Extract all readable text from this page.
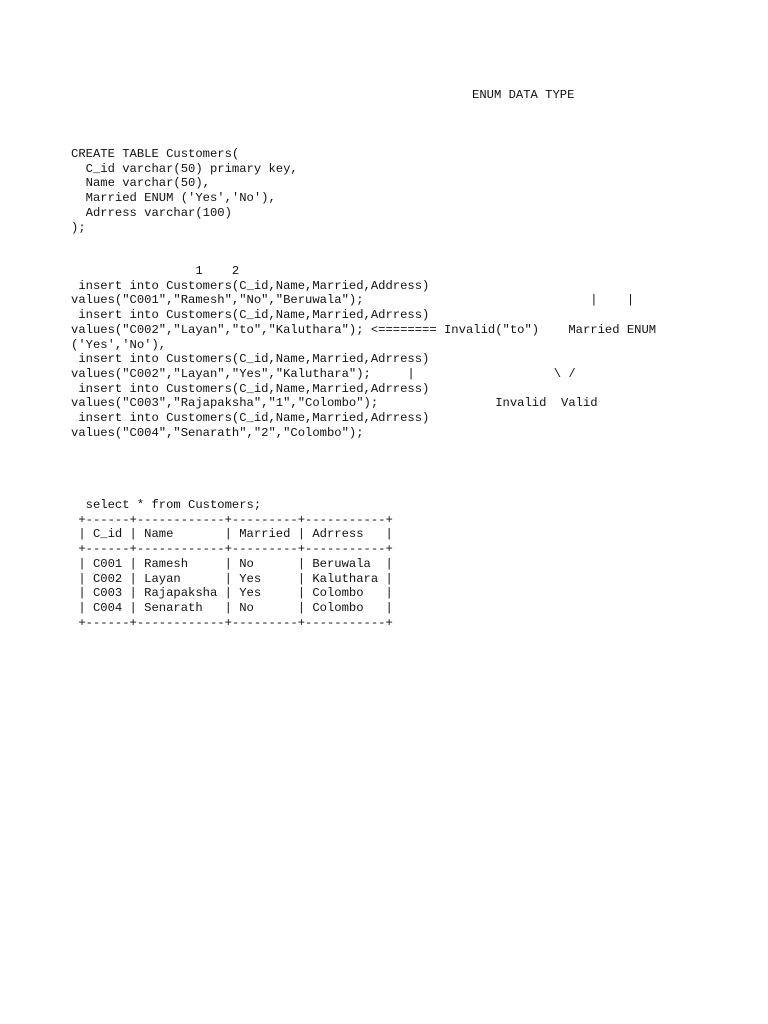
ENUM DATA TYPE
CREATE TABLE Customers(
C_id varchar(50) primary key,
Name varchar(50),
Married ENUM ('Yes','No'),
Adrress varchar(100)
);
1    2
insert into Customers(C_id,Name,Married,Address)
values("C001","Ramesh","No","Beruwala");                               |    |
insert into Customers(C_id,Name,Married,Adrress)
values("C002","Layan","to","Kaluthara"); <======== Invalid("to")    Married ENUM
('Yes','No'),
insert into Customers(C_id,Name,Married,Adrress)
values("C002","Layan","Yes","Kaluthara");     |                   \ /
insert into Customers(C_id,Name,Married,Adrress)
values("C003","Rajapaksha","1","Colombo");                Invalid  Valid
insert into Customers(C_id,Name,Married,Adrress)
values("C004","Senarath","2","Colombo");
select * from Customers;
+------+------------+---------+-----------+
| C_id | Name       | Married | Adrress   |
+------+------------+---------+-----------+
| C001 | Ramesh     | No      | Beruwala  |
| C002 | Layan      | Yes     | Kaluthara |
| C003 | Rajapaksha | Yes     | Colombo   |
| C004 | Senarath   | No      | Colombo   |
+------+------------+---------+-----------+
